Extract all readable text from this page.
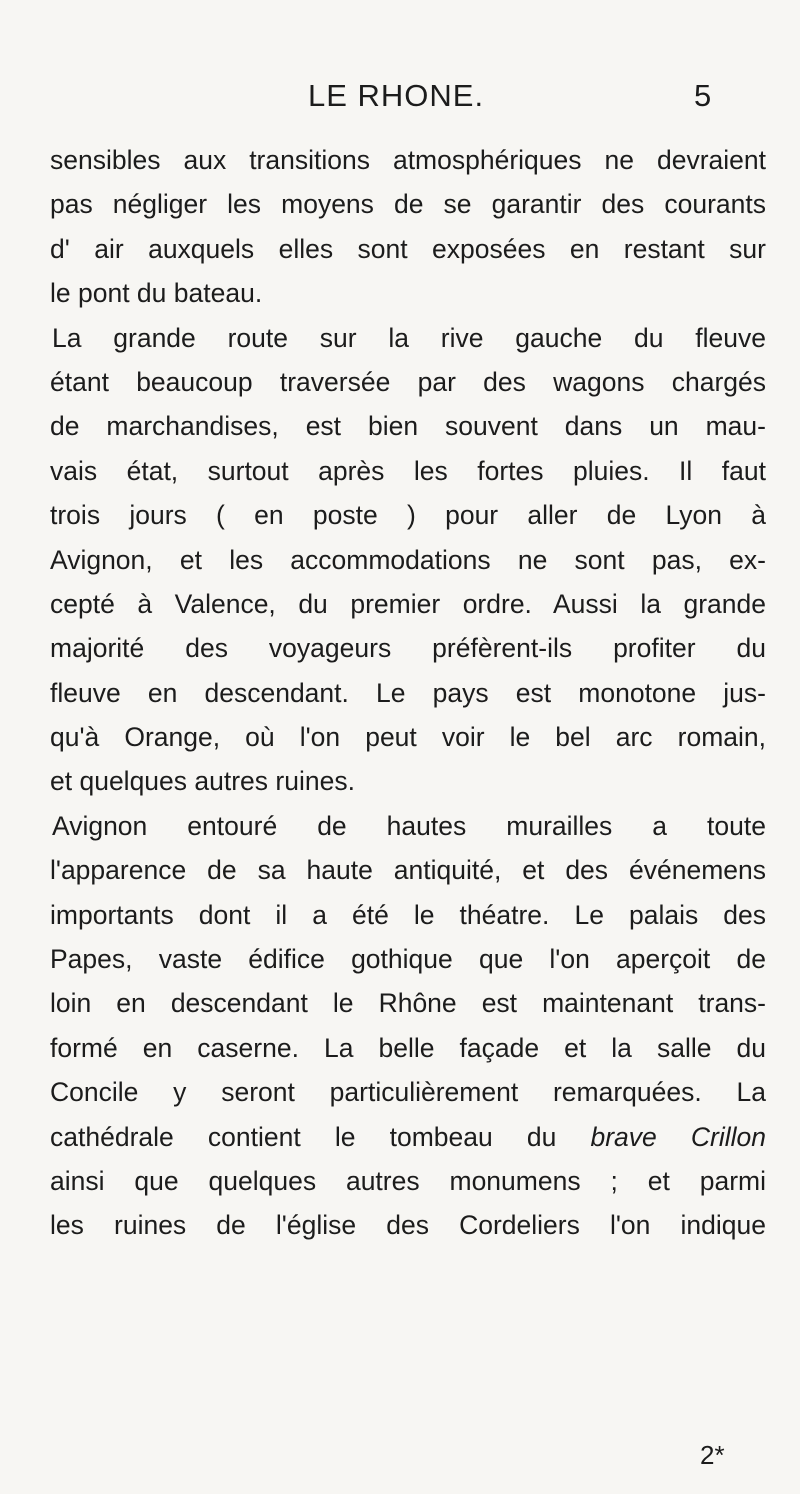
LE RHONE.	5
sensibles aux transitions atmosphériques ne devraient
pas négliger les moyens de se garantir des courants
d' air auxquels elles sont exposées en restant sur
le pont du bateau.
La grande route sur la rive gauche du fleuve
étant beaucoup traversée par des wagons chargés
de marchandises, est bien souvent dans un mau-
vais état, surtout après les fortes pluies. Il faut
trois jours ( en poste ) pour aller de Lyon à
Avignon, et les accommodations ne sont pas, ex-
cepté à Valence, du premier ordre. Aussi la grande
majorité des voyageurs préfèrent-ils profiter du
fleuve en descendant. Le pays est monotone jus-
qu'à Orange, où l'on peut voir le bel arc romain,
et quelques autres ruines.
Avignon entouré de hautes murailles a toute
l'apparence de sa haute antiquité, et des événemens
importants dont il a été le théatre. Le palais des
Papes, vaste édifice gothique que l'on aperçoit de
loin en descendant le Rhône est maintenant trans-
formé en caserne. La belle façade et la salle du
Concile y seront particulièrement remarquées. La
cathédrale contient le tombeau du brave Crillon
ainsi que quelques autres monumens ; et parmi
les ruines de l'église des Cordeliers l'on indique
2*
